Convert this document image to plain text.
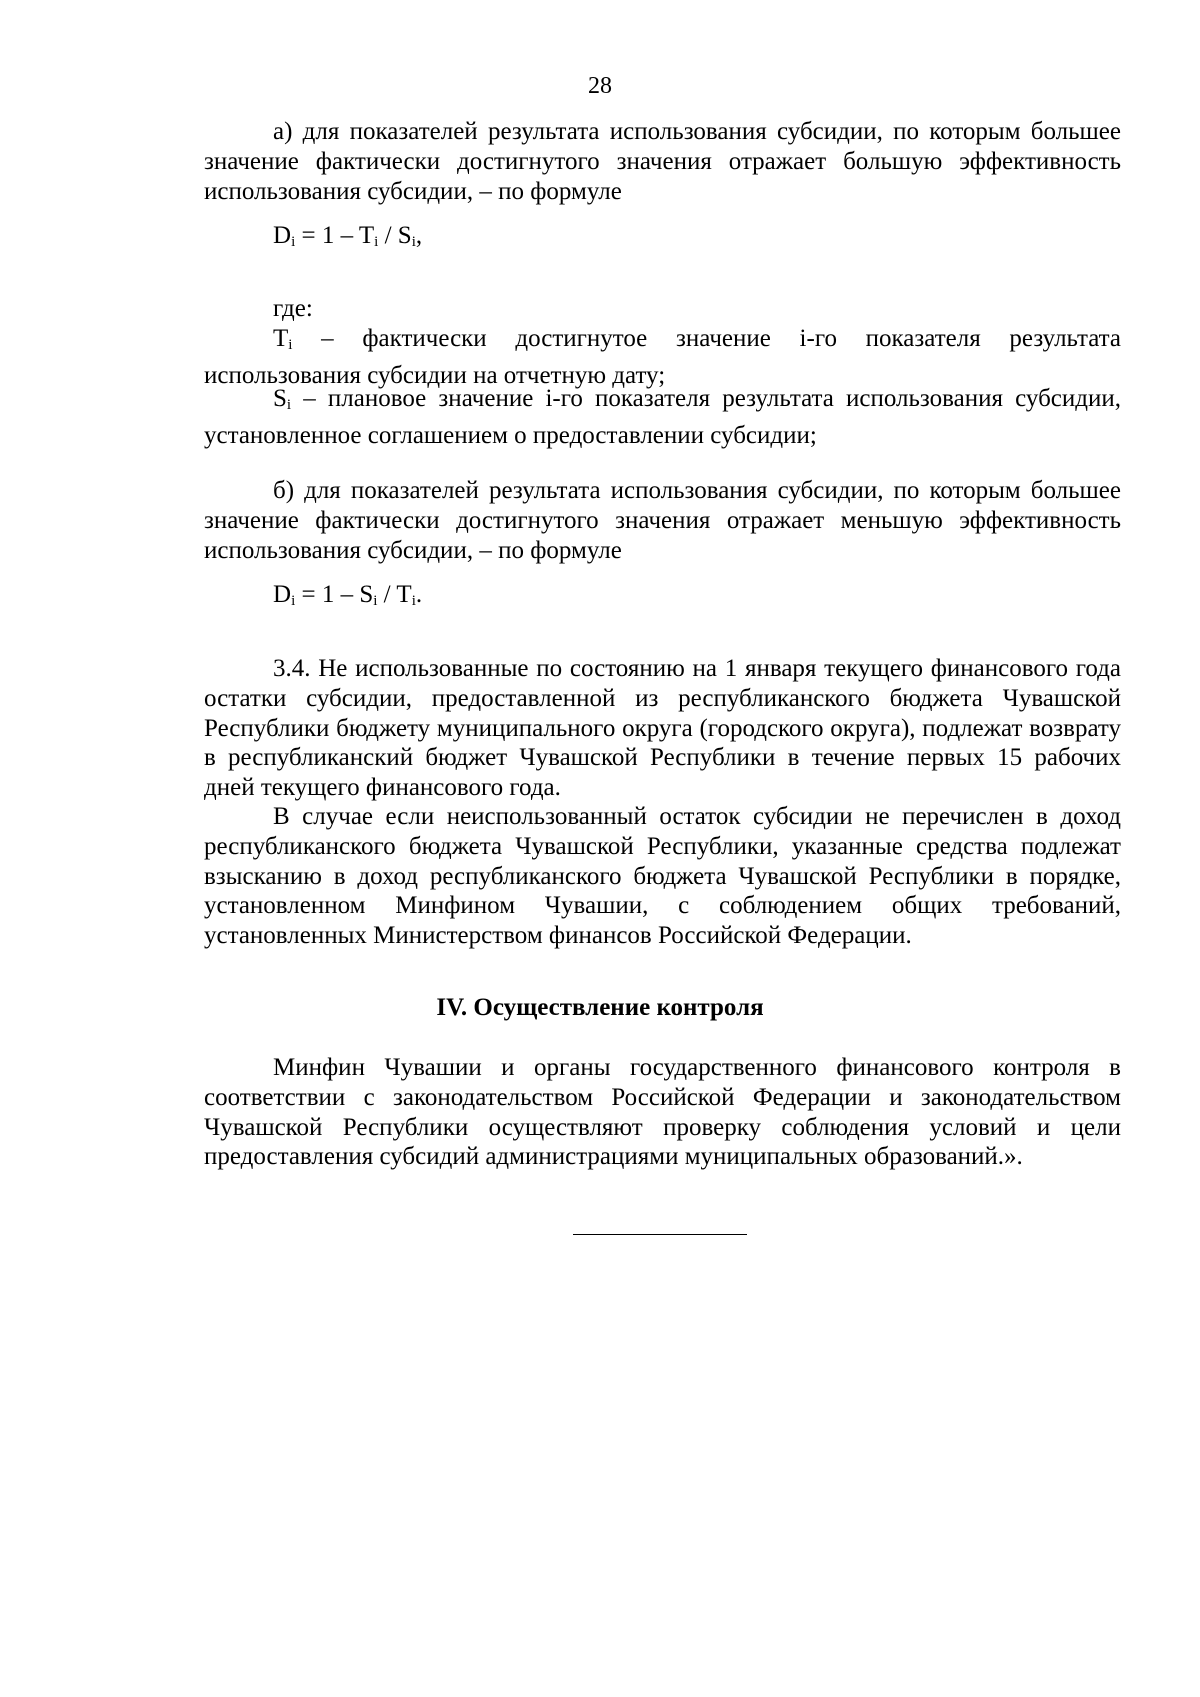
28

а) для показателей результата использования субсидии, по которым большее значение фактически достигнутого значения отражает большую эффективность использования субсидии, – по формуле

$D_i = 1 - T_i / S_i$,

где:

$T_i$ – фактически достигнутое значение i-го показателя результата использования субсидии на отчетную дату;

$S_i$ – плановое значение i-го показателя результата использования субсидии, установленное соглашением о предоставлении субсидии;

б) для показателей результата использования субсидии, по которым большее значение фактически достигнутого значения отражает меньшую эффективность использования субсидии, – по формуле

$D_i = 1 - S_i / T_i$.

3.4. Не использованные по состоянию на 1 января текущего финансового года остатки субсидии, предоставленной из республиканского бюджета Чувашской Республики бюджету муниципального округа (городского округа), подлежат возврату в республиканский бюджет Чувашской Республики в течение первых 15 рабочих дней текущего финансового года.

В случае если неиспользованный остаток субсидии не перечислен в доход республиканского бюджета Чувашской Республики, указанные средства подлежат взысканию в доход республиканского бюджета Чувашской Республики в порядке, установленном Минфином Чувашии, с соблюдением общих требований, установленных Министерством финансов Российской Федерации.

IV. Осуществление контроля

Минфин Чувашии и органы государственного финансового контроля в соответствии с законодательством Российской Федерации и законодательством Чувашской Республики осуществляют проверку соблюдения условий и цели предоставления субсидий администрациями муниципальных образований.».
